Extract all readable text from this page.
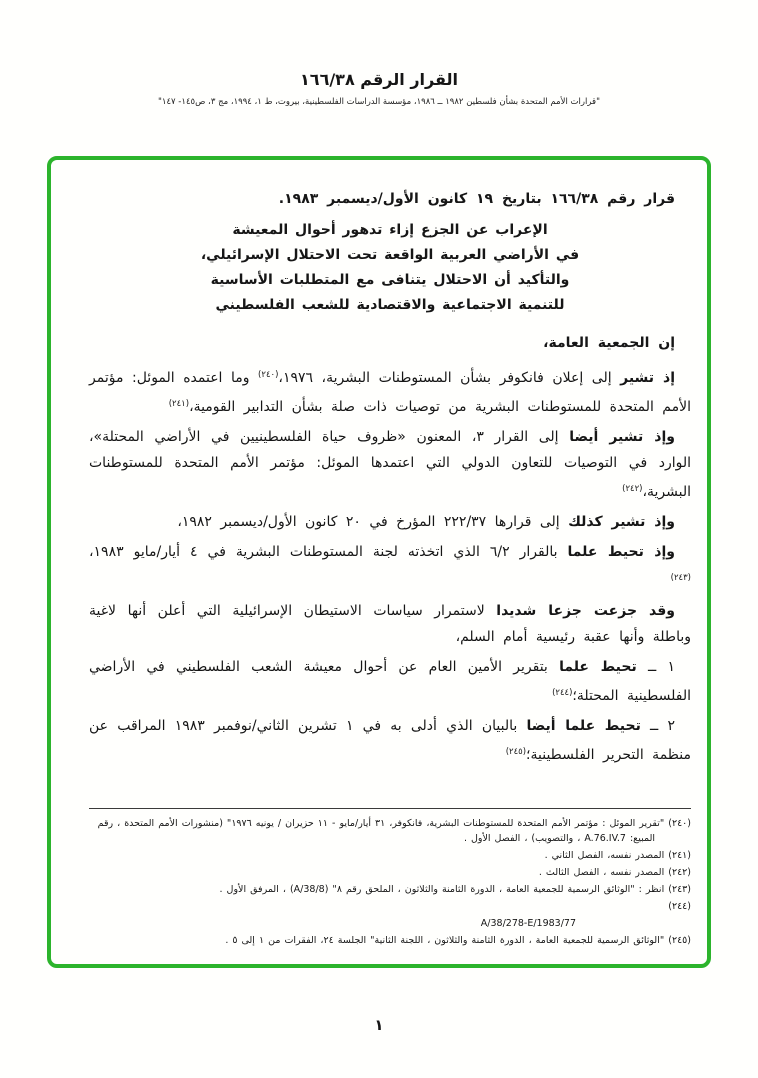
القرار الرقم ١٦٦/٣٨
"قرارات الأمم المتحدة بشأن فلسطين ١٩٨٢ ــ ١٩٨٦، مؤسسة الدراسات الفلسطينية، بيروت، ط ١، ١٩٩٤، مج ٣، ص١٤٥- ١٤٧"

قرار رقم ١٦٦/٣٨ بتاريخ ١٩ كانون الأول/ديسمبر ١٩٨٣.

الإعراب عن الجزع إزاء تدهور أحوال المعيشة
في الأراضي العربية الواقعة تحت الاحتلال الإسرائيلي،
والتأكيد أن الاحتلال يتنافى مع المتطلبات الأساسية
للتنمية الاجتماعية والاقتصادية للشعب الفلسطيني

إن الجمعية العامة،

إذ تشير إلى إعلان فانكوفر بشأن المستوطنات البشرية، ١٩٧٦،$^{(٢٤٠)}$ وما اعتمده الموئل: مؤتمر الأمم المتحدة للمستوطنات البشرية من توصيات ذات صلة بشأن التدابير القومية،$^{(٢٤١)}$

وإذ تشير أيضا إلى القرار ٣، المعنون «ظروف حياة الفلسطينيين في الأراضي المحتلة»، الوارد في التوصيات للتعاون الدولي التي اعتمدها الموئل: مؤتمر الأمم المتحدة للمستوطنات البشرية،$^{(٢٤٢)}$

وإذ تشير كذلك إلى قرارها ٢٢٢/٣٧ المؤرخ في ٢٠ كانون الأول/ديسمبر ١٩٨٢،

وإذ تحيط علما بالقرار ٦/٢ الذي اتخذته لجنة المستوطنات البشرية في ٤ أيار/مايو ١٩٨٣،$^{(٢٤٣)}$

وقد جزعت جزعا شديدا لاستمرار سياسات الاستيطان الإسرائيلية التي أعلن أنها لاغية وباطلة وأنها عقبة رئيسية أمام السلم،

١ ــ تحيط علما بتقرير الأمين العام عن أحوال معيشة الشعب الفلسطيني في الأراضي الفلسطينية المحتلة؛$^{(٢٤٤)}$

٢ ــ تحيط علما أيضا بالبيان الذي أدلى به في ١ تشرين الثاني/نوفمبر ١٩٨٣ المراقب عن منظمة التحرير الفلسطينية؛$^{(٢٤٥)}$

(٢٤٠) "تقرير الموئل : مؤتمر الأمم المتحدة للمستوطنات البشرية، فانكوفر، ٣١ أيار/مايو - ١١ حزيران / يونيه ١٩٧٦" (منشورات الأمم المتحدة ، رقم المبيع: A.76.IV.7 ، والتصويب) ، الفصل الأول .

(٢٤١) المصدر نفسه، الفصل الثاني .

(٢٤٢) المصدر نفسه ، الفصل الثالث .

(٢٤٣) انظر : "الوثائق الرسمية للجمعية العامة ، الدورة الثامنة والثلاثون ، الملحق رقم ٨" (A/38/8) ، المرفق الأول .

(٢٤٤)

A/38/278-E/1983/77

(٢٤٥) "الوثائق الرسمية للجمعية العامة ، الدورة الثامنة والثلاثون ، اللجنة الثانية" الجلسة ٢٤، الفقرات من ١ إلى ٥ .

١
